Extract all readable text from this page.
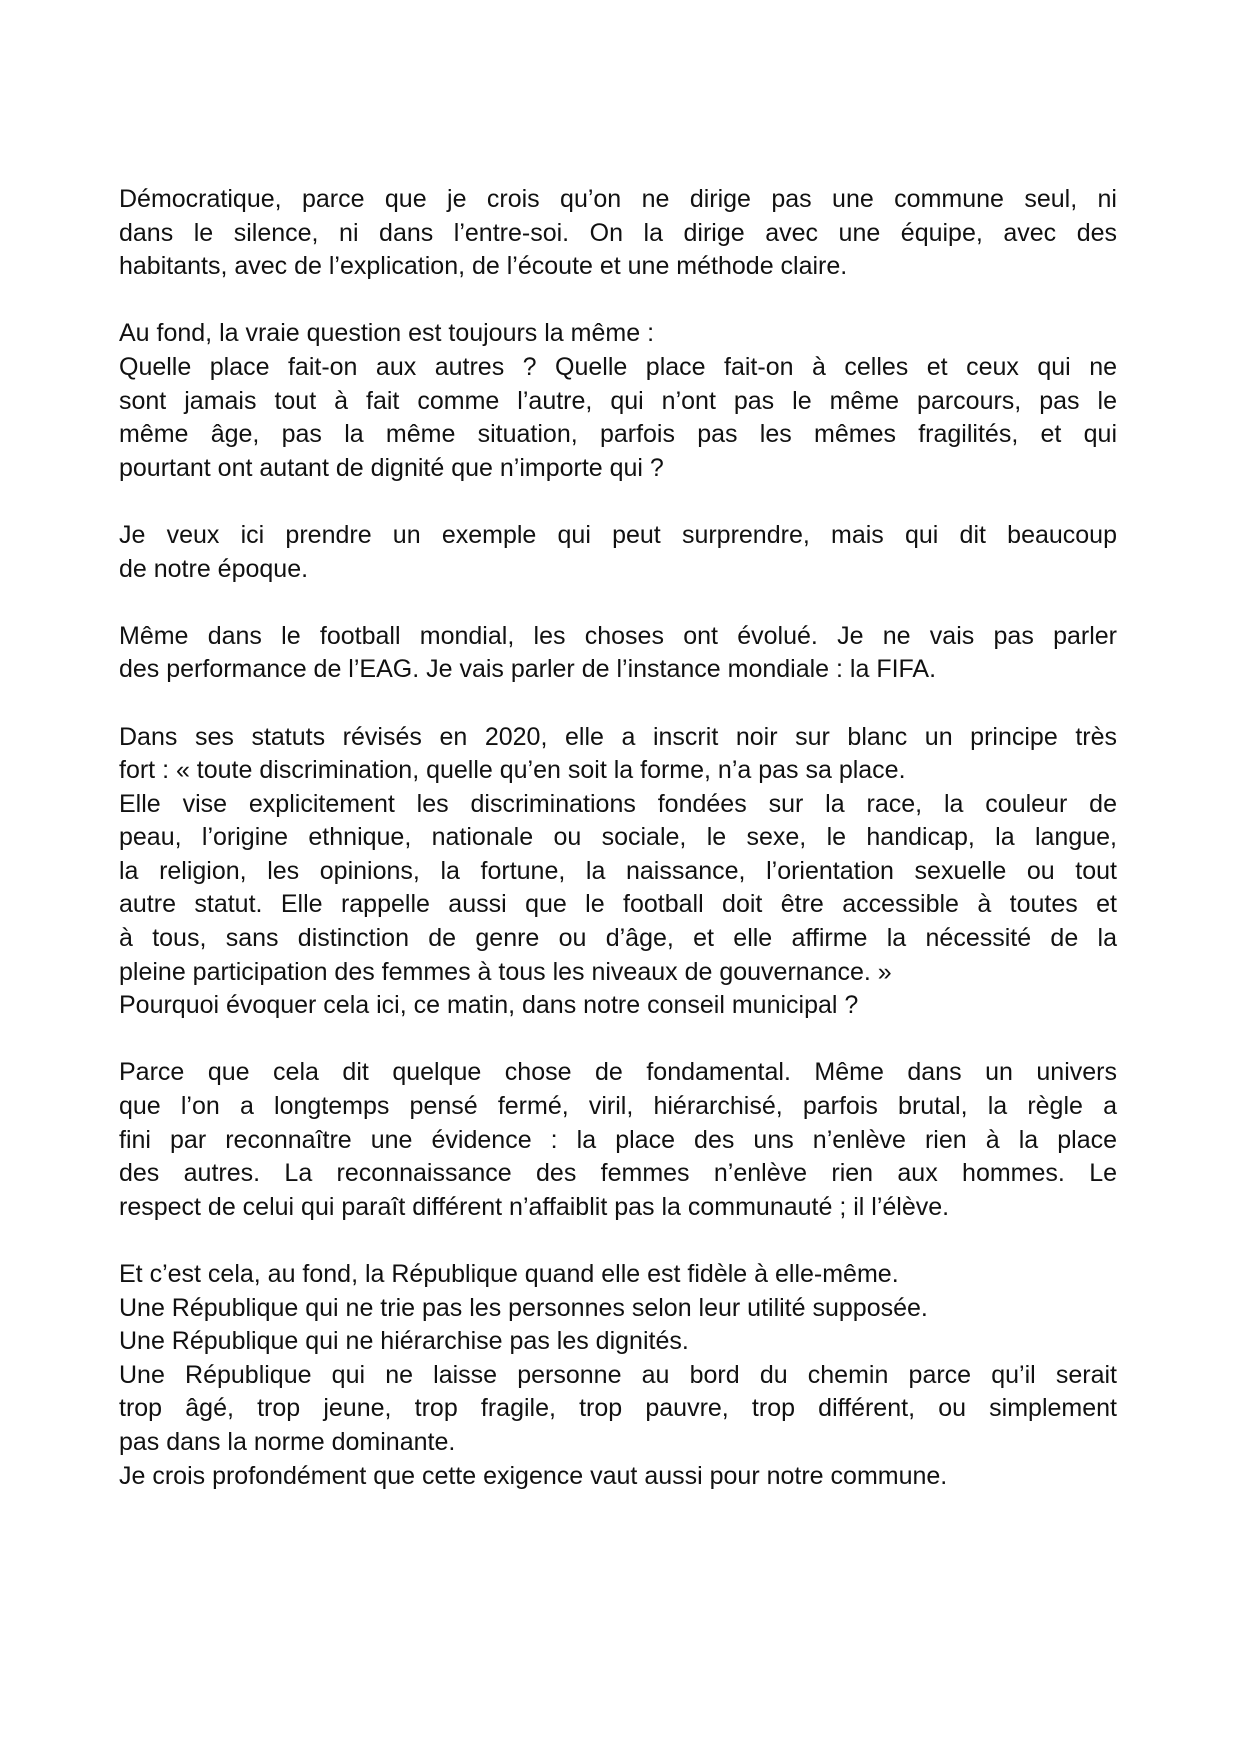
Démocratique, parce que je crois qu’on ne dirige pas une commune seul, ni
dans le silence, ni dans l’entre-soi. On la dirige avec une équipe, avec des
habitants, avec de l’explication, de l’écoute et une méthode claire.
Au fond, la vraie question est toujours la même :
Quelle place fait-on aux autres ? Quelle place fait-on à celles et ceux qui ne
sont jamais tout à fait comme l’autre, qui n’ont pas le même parcours, pas le
même âge, pas la même situation, parfois pas les mêmes fragilités, et qui
pourtant ont autant de dignité que n’importe qui ?
Je veux ici prendre un exemple qui peut surprendre, mais qui dit beaucoup
de notre époque.
Même dans le football mondial, les choses ont évolué. Je ne vais pas parler
des performance de l’EAG. Je vais parler de l’instance mondiale : la FIFA.
Dans ses statuts révisés en 2020, elle a inscrit noir sur blanc un principe très
fort : « toute discrimination, quelle qu’en soit la forme, n’a pas sa place.
Elle vise explicitement les discriminations fondées sur la race, la couleur de
peau, l’origine ethnique, nationale ou sociale, le sexe, le handicap, la langue,
la religion, les opinions, la fortune, la naissance, l’orientation sexuelle ou tout
autre statut. Elle rappelle aussi que le football doit être accessible à toutes et
à tous, sans distinction de genre ou d’âge, et elle affirme la nécessité de la
pleine participation des femmes à tous les niveaux de gouvernance. »
Pourquoi évoquer cela ici, ce matin, dans notre conseil municipal ?
Parce que cela dit quelque chose de fondamental. Même dans un univers
que l’on a longtemps pensé fermé, viril, hiérarchisé, parfois brutal, la règle a
fini par reconnaître une évidence : la place des uns n’enlève rien à la place
des autres. La reconnaissance des femmes n’enlève rien aux hommes. Le
respect de celui qui paraît différent n’affaiblit pas la communauté ; il l’élève.
Et c’est cela, au fond, la République quand elle est fidèle à elle-même.
Une République qui ne trie pas les personnes selon leur utilité supposée.
Une République qui ne hiérarchise pas les dignités.
Une République qui ne laisse personne au bord du chemin parce qu’il serait
trop âgé, trop jeune, trop fragile, trop pauvre, trop différent, ou simplement
pas dans la norme dominante.
Je crois profondément que cette exigence vaut aussi pour notre commune.
